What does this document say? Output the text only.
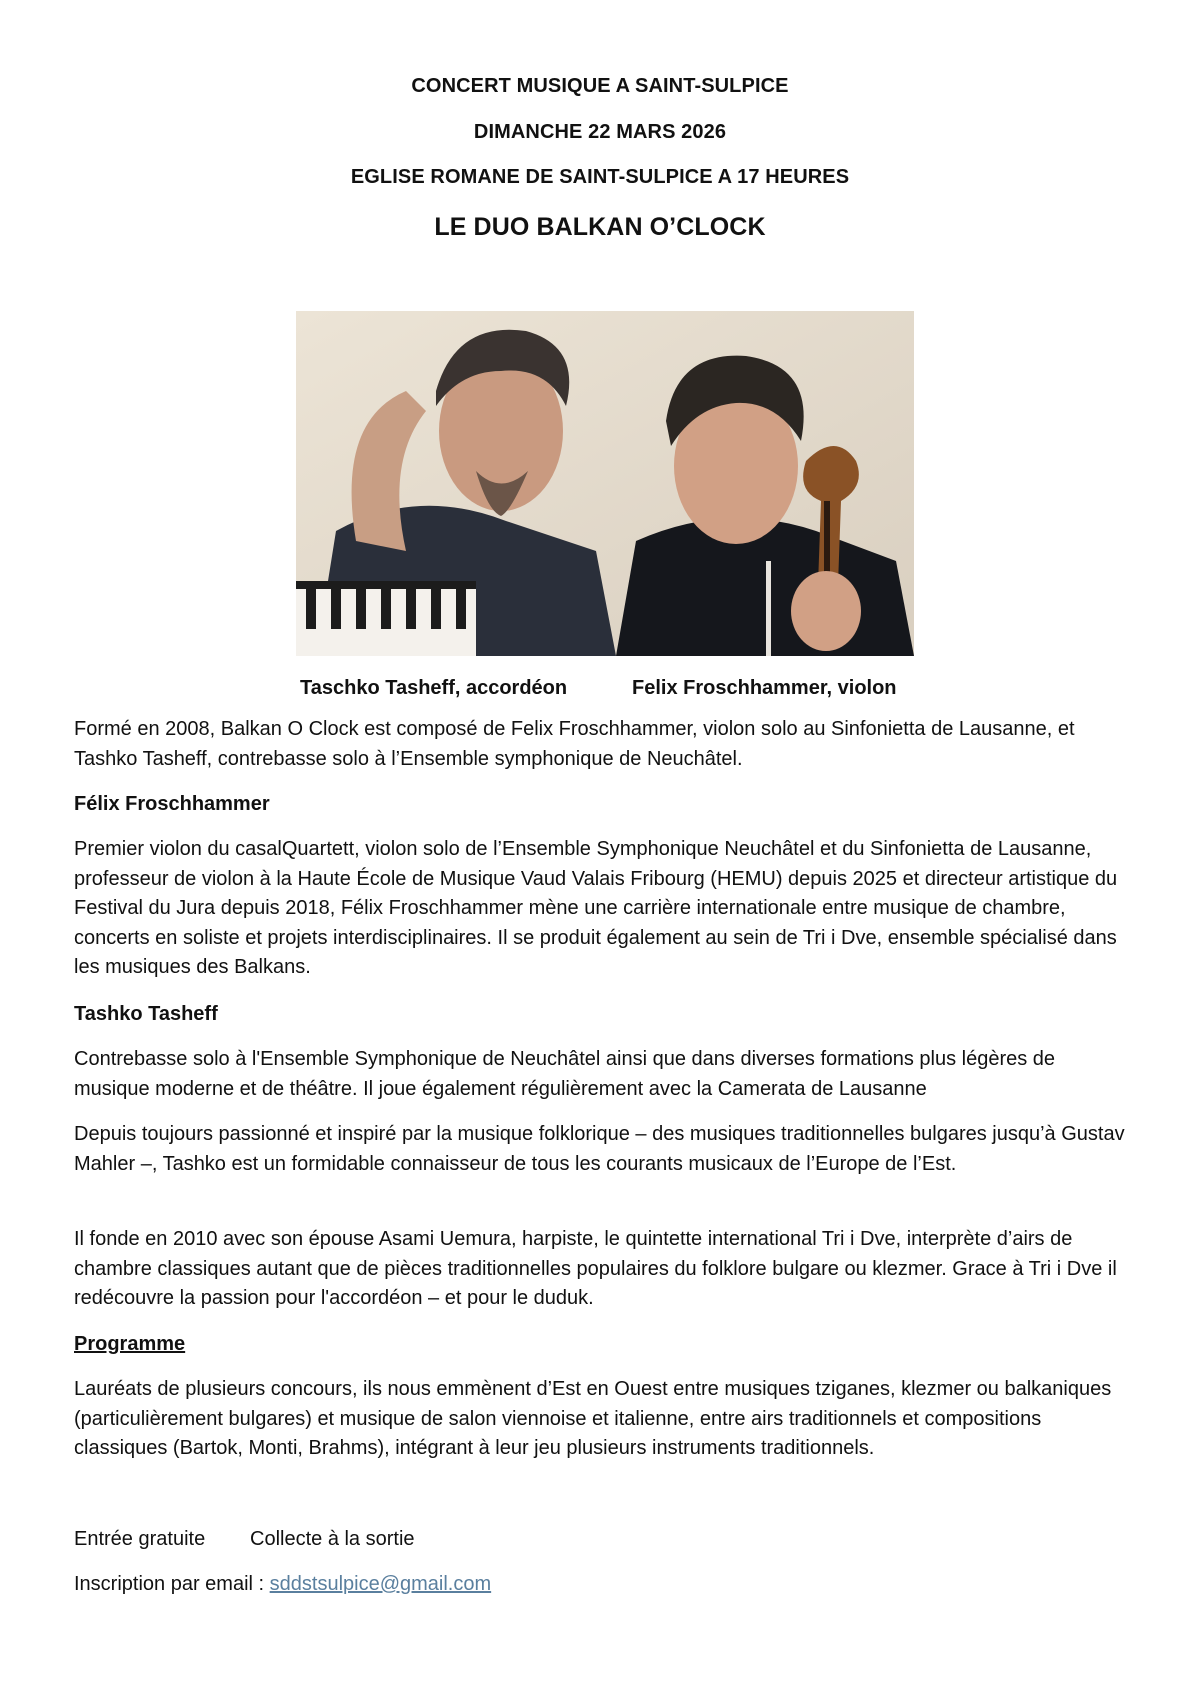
CONCERT MUSIQUE A SAINT-SULPICE
DIMANCHE 22 MARS 2026
EGLISE ROMANE DE SAINT-SULPICE A 17 HEURES
LE DUO BALKAN O’CLOCK
Taschko Tasheff, accordéon	Felix Froschhammer, violon
Formé en 2008, Balkan O Clock est composé de Felix Froschhammer, violon solo au Sinfonietta de Lausanne, et Tashko Tasheff, contrebasse solo à l’Ensemble symphonique de Neuchâtel.
Félix Froschhammer
Premier violon du casalQuartett, violon solo de l’Ensemble Symphonique Neuchâtel et du Sinfonietta de Lausanne, professeur de violon à la Haute École de Musique Vaud Valais Fribourg (HEMU) depuis 2025 et directeur artistique du Festival du Jura depuis 2018, Félix Froschhammer mène une carrière internationale entre musique de chambre, concerts en soliste et projets interdisciplinaires. Il se produit également au sein de Tri i Dve, ensemble spécialisé dans les musiques des Balkans.
Tashko Tasheff
Contrebasse solo à l'Ensemble Symphonique de Neuchâtel ainsi que dans diverses formations plus légères de musique moderne et de théâtre. Il joue également régulièrement avec la Camerata de Lausanne
Depuis toujours passionné et inspiré par la musique folklorique – des musiques traditionnelles bulgares jusqu’à Gustav Mahler –, Tashko est un formidable connaisseur de tous les courants musicaux de l’Europe de l’Est.
Il fonde en 2010 avec son épouse Asami Uemura, harpiste, le quintette international Tri i Dve, interprète d’airs de chambre classiques autant que de pièces traditionnelles populaires du folklore bulgare ou klezmer. Grace à Tri i Dve il redécouvre la passion pour l'accordéon – et pour le duduk.
Programme
Lauréats de plusieurs concours, ils nous emmènent d’Est en Ouest entre musiques tziganes, klezmer ou balkaniques (particulièrement bulgares) et musique de salon viennoise et italienne, entre airs traditionnels et compositions classiques (Bartok, Monti, Brahms), intégrant à leur jeu plusieurs instruments traditionnels.
Entrée gratuite Collecte à la sortie
Inscription par email : sddstsulpice@gmail.com
